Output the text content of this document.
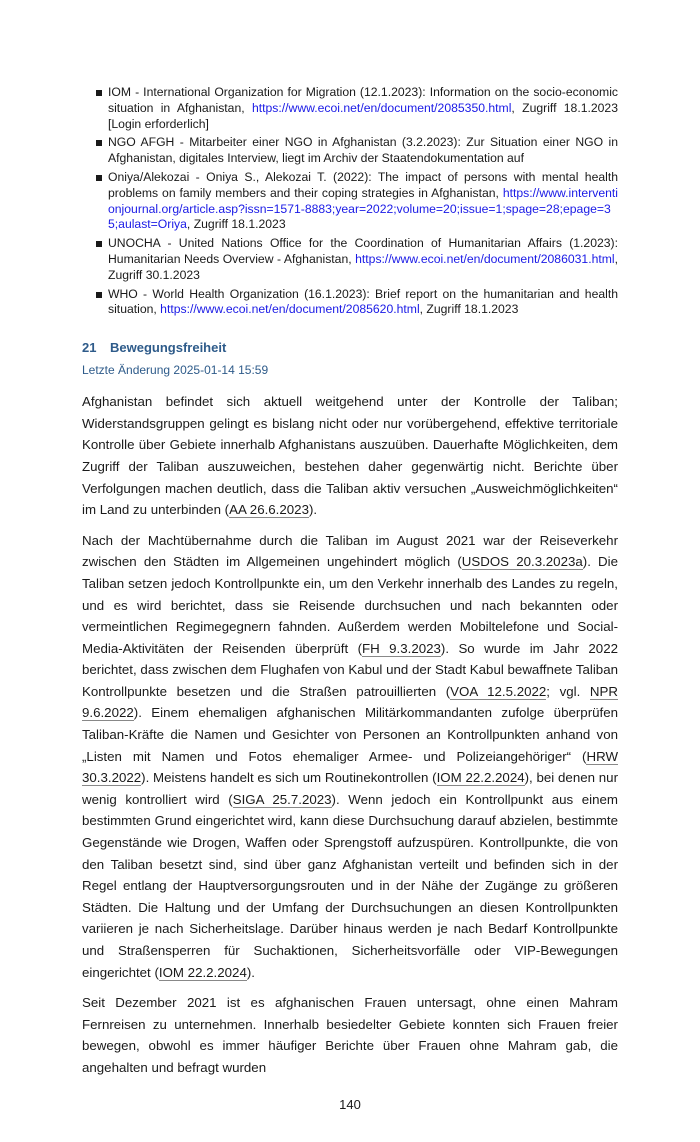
IOM - International Organization for Migration (12.1.2023): Information on the socio-economic situation in Afghanistan, https://www.ecoi.net/en/document/2085350.html, Zugriff 18.1.2023 [Login erforderlich]
NGO AFGH - Mitarbeiter einer NGO in Afghanistan (3.2.2023): Zur Situation einer NGO in Afghanistan, digitales Interview, liegt im Archiv der Staatendokumentation auf
Oniya/Alekozai - Oniya S., Alekozai T. (2022): The impact of persons with mental health problems on family members and their coping strategies in Afghanistan, https://www.interventionjournal.org/article.asp?issn=1571-8883;year=2022;volume=20;issue=1;spage=28;epage=35;aulast=Oriya, Zugriff 18.1.2023
UNOCHA - United Nations Office for the Coordination of Humanitarian Affairs (1.2023): Humanitarian Needs Overview - Afghanistan, https://www.ecoi.net/en/document/2086031.html, Zugriff 30.1.2023
WHO - World Health Organization (16.1.2023): Brief report on the humanitarian and health situation, https://www.ecoi.net/en/document/2085620.html, Zugriff 18.1.2023
21 Bewegungsfreiheit
Letzte Änderung 2025-01-14 15:59

Afghanistan befindet sich aktuell weitgehend unter der Kontrolle der Taliban; Widerstandsgruppen gelingt es bislang nicht oder nur vorübergehend, effektive territoriale Kontrolle über Gebiete innerhalb Afghanistans auszuüben. Dauerhafte Möglichkeiten, dem Zugriff der Taliban auszuweichen, bestehen daher gegenwärtig nicht. Berichte über Verfolgungen machen deutlich, dass die Taliban aktiv versuchen „Ausweichmöglichkeiten“ im Land zu unterbinden (AA 26.6.2023).

Nach der Machtübernahme durch die Taliban im August 2021 war der Reiseverkehr zwischen den Städten im Allgemeinen ungehindert möglich (USDOS 20.3.2023a). Die Taliban setzen jedoch Kontrollpunkte ein, um den Verkehr innerhalb des Landes zu regeln, und es wird berichtet, dass sie Reisende durchsuchen und nach bekannten oder vermeintlichen Regimegegnern fahnden. Außerdem werden Mobiltelefone und Social-Media-Aktivitäten der Reisenden überprüft (FH 9.3.2023). So wurde im Jahr 2022 berichtet, dass zwischen dem Flughafen von Kabul und der Stadt Kabul bewaffnete Taliban Kontrollpunkte besetzen und die Straßen patrouillierten (VOA 12.5.2022; vgl. NPR 9.6.2022). Einem ehemaligen afghanischen Militärkommandanten zufolge überprüfen Taliban-Kräfte die Namen und Gesichter von Personen an Kontrollpunkten anhand von „Listen mit Namen und Fotos ehemaliger Armee- und Polizeiangehöriger“ (HRW 30.3.2022). Meistens handelt es sich um Routinekontrollen (IOM 22.2.2024), bei denen nur wenig kontrolliert wird (SIGA 25.7.2023). Wenn jedoch ein Kontrollpunkt aus einem bestimmten Grund eingerichtet wird, kann diese Durchsuchung darauf abzielen, bestimmte Gegenstände wie Drogen, Waffen oder Sprengstoff aufzuspüren. Kontrollpunkte, die von den Taliban besetzt sind, sind über ganz Afghanistan verteilt und befinden sich in der Regel entlang der Hauptversorgungsrouten und in der Nähe der Zugänge zu größeren Städten. Die Haltung und der Umfang der Durchsuchungen an diesen Kontrollpunkten variieren je nach Sicherheitslage. Darüber hinaus werden je nach Bedarf Kontrollpunkte und Straßensperren für Suchaktionen, Sicherheitsvorfälle oder VIP-Bewegungen eingerichtet (IOM 22.2.2024).

Seit Dezember 2021 ist es afghanischen Frauen untersagt, ohne einen Mahram Fernreisen zu unternehmen. Innerhalb besiedelter Gebiete konnten sich Frauen freier bewegen, obwohl es immer häufiger Berichte über Frauen ohne Mahram gab, die angehalten und befragt wurden

140
